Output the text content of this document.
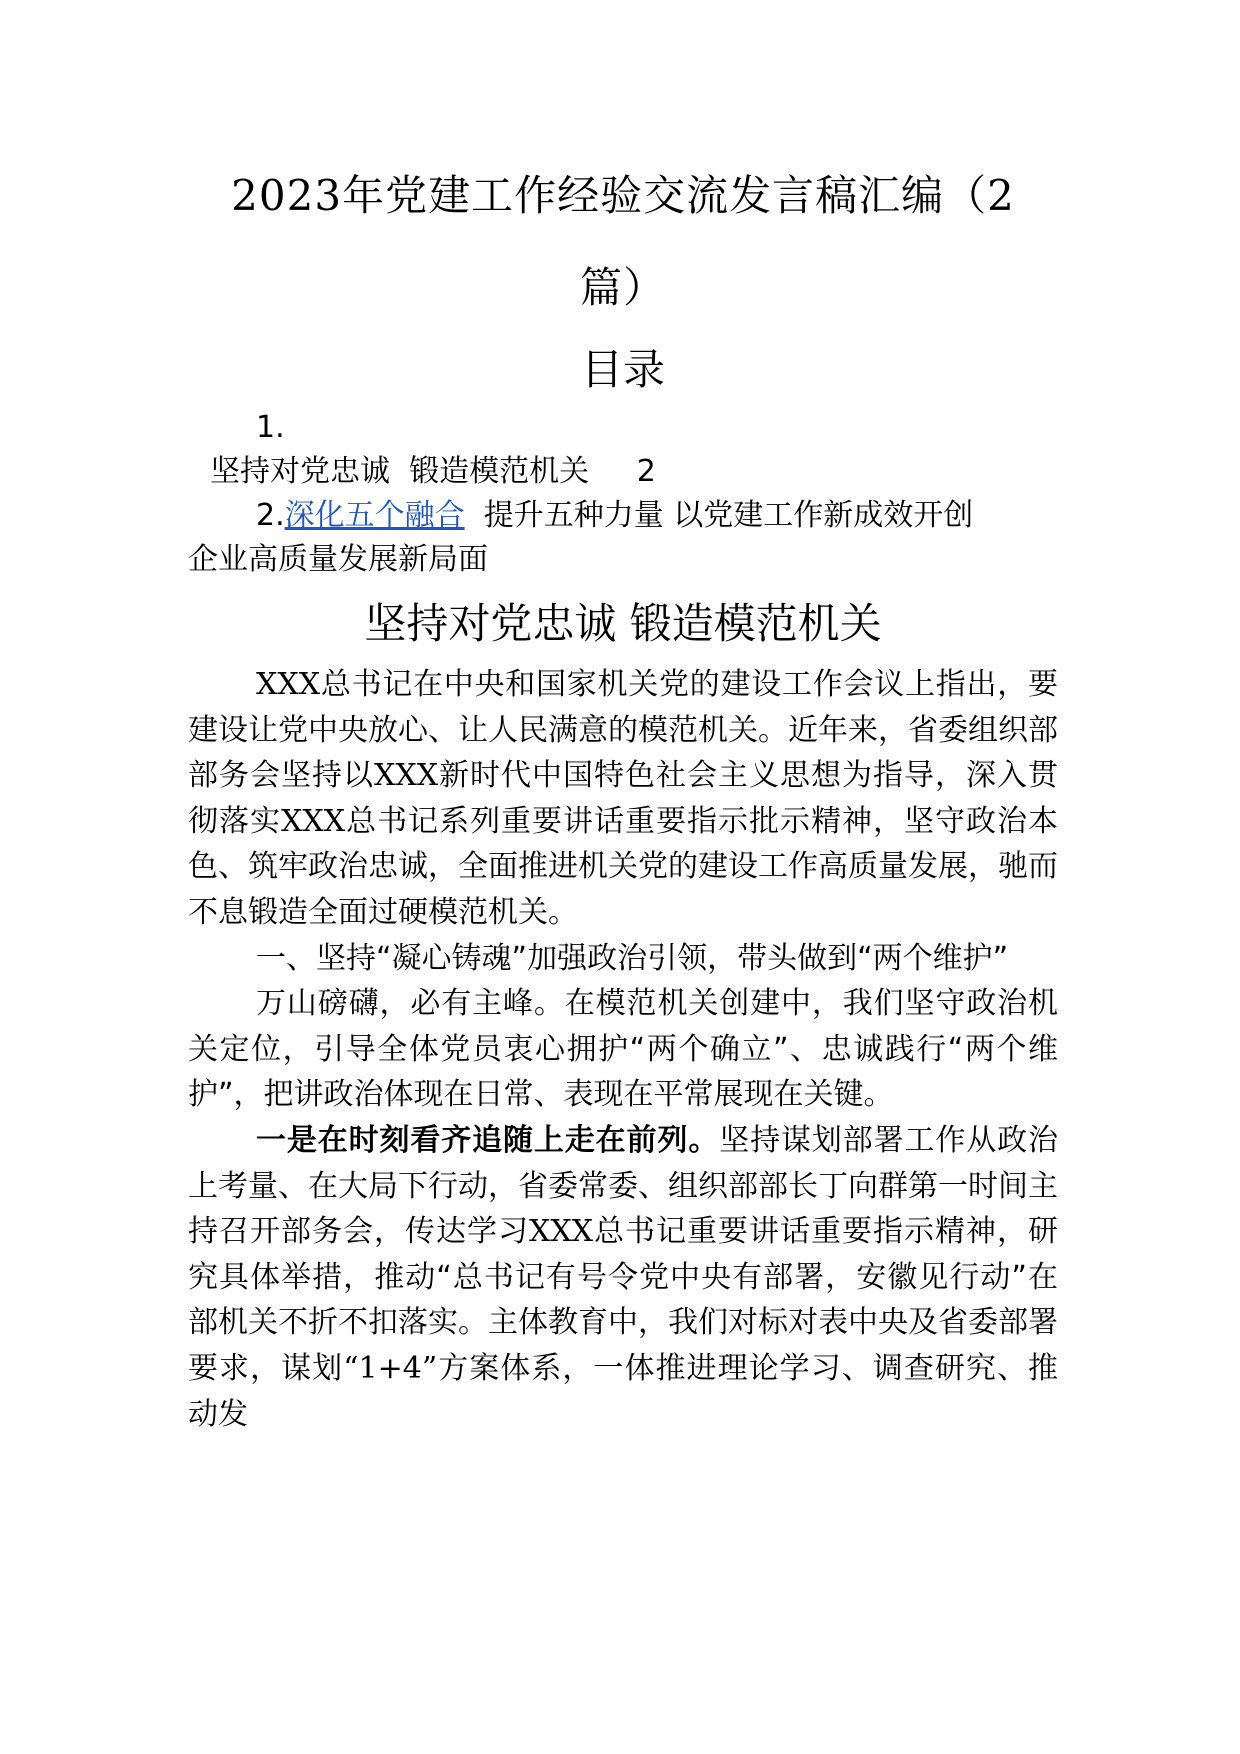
2023年党建工作经验交流发言稿汇编（2
篇）
目录

1.

坚持对党忠诚  锻造模范机关     2

2.深化五个融合  提升五种力量 以党建工作新成效开创

企业高质量发展新局面

坚持对党忠诚 锻造模范机关

XXX总书记在中央和国家机关党的建设工作会议上指出，要建设让党中央放心、让人民满意的模范机关。近年来，省委组织部部务会坚持以XXX新时代中国特色社会主义思想为指导，深入贯彻落实XXX总书记系列重要讲话重要指示批示精神，坚守政治本色、筑牢政治忠诚，全面推进机关党的建设工作高质量发展，驰而不息锻造全面过硬模范机关。

一、坚持“凝心铸魂”加强政治引领，带头做到“两个维护”

万山磅礴，必有主峰。在模范机关创建中，我们坚守政治机关定位，引导全体党员衷心拥护“两个确立”、忠诚践行“两个维护”，把讲政治体现在日常、表现在平常展现在关键。

一是在时刻看齐追随上走在前列。坚持谋划部署工作从政治上考量、在大局下行动，省委常委、组织部部长丁向群第一时间主持召开部务会，传达学习XXX总书记重要讲话重要指示精神，研究具体举措，推动“总书记有号令党中央有部署，安徽见行动”在部机关不折不扣落实。主体教育中，我们对标对表中央及省委部署要求，谋划“1+4”方案体系，一体推进理论学习、调查研究、推动发
